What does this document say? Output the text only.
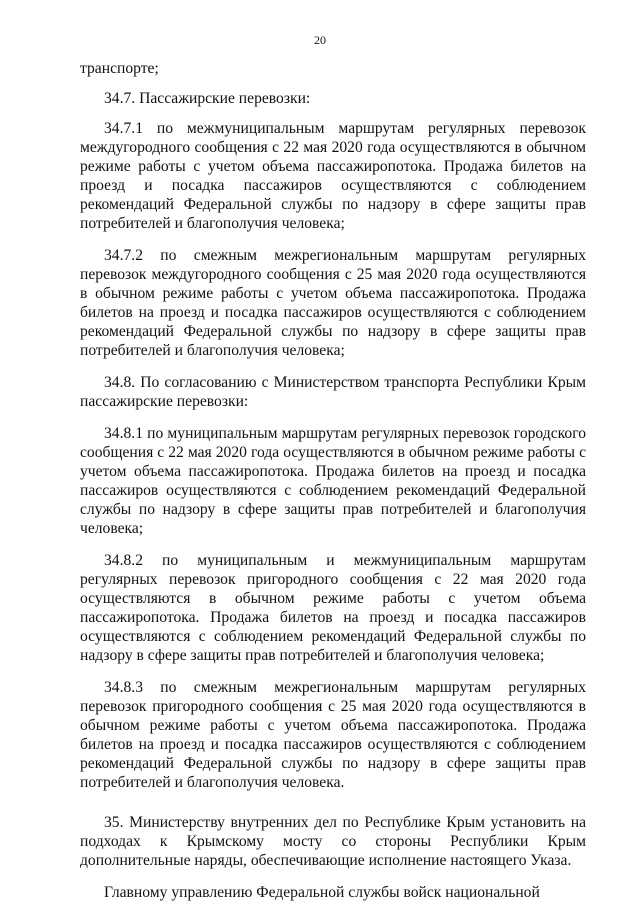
20

транспорте;

34.7. Пассажирские перевозки:

34.7.1 по межмуниципальным маршрутам регулярных перевозок междугородного сообщения с 22 мая 2020 года осуществляются в обычном режиме работы с учетом объема пассажиропотока. Продажа билетов на проезд и посадка пассажиров осуществляются с соблюдением рекомендаций Федеральной службы по надзору в сфере защиты прав потребителей и благополучия человека;

34.7.2 по смежным межрегиональным маршрутам регулярных перевозок междугородного сообщения с 25 мая 2020 года осуществляются в обычном режиме работы с учетом объема пассажиропотока. Продажа билетов на проезд и посадка пассажиров осуществляются с соблюдением рекомендаций Федеральной службы по надзору в сфере защиты прав потребителей и благополучия человека;

34.8. По согласованию с Министерством транспорта Республики Крым пассажирские перевозки:

34.8.1 по муниципальным маршрутам регулярных перевозок городского сообщения с 22 мая 2020 года осуществляются в обычном режиме работы с учетом объема пассажиропотока. Продажа билетов на проезд и посадка пассажиров осуществляются с соблюдением рекомендаций Федеральной службы по надзору в сфере защиты прав потребителей и благополучия человека;

34.8.2 по муниципальным и межмуниципальным маршрутам регулярных перевозок пригородного сообщения с 22 мая 2020 года осуществляются в обычном режиме работы с учетом объема пассажиропотока. Продажа билетов на проезд и посадка пассажиров осуществляются с соблюдением рекомендаций Федеральной службы по надзору в сфере защиты прав потребителей и благополучия человека;

34.8.3 по смежным межрегиональным маршрутам регулярных перевозок пригородного сообщения с 25 мая 2020 года осуществляются в обычном режиме работы с учетом объема пассажиропотока. Продажа билетов на проезд и посадка пассажиров осуществляются с соблюдением рекомендаций Федеральной службы по надзору в сфере защиты прав потребителей и благополучия человека.

35. Министерству внутренних дел по Республике Крым установить на подходах к Крымскому мосту со стороны Республики Крым дополнительные наряды, обеспечивающие исполнение настоящего Указа.

Главному управлению Федеральной службы войск национальной
